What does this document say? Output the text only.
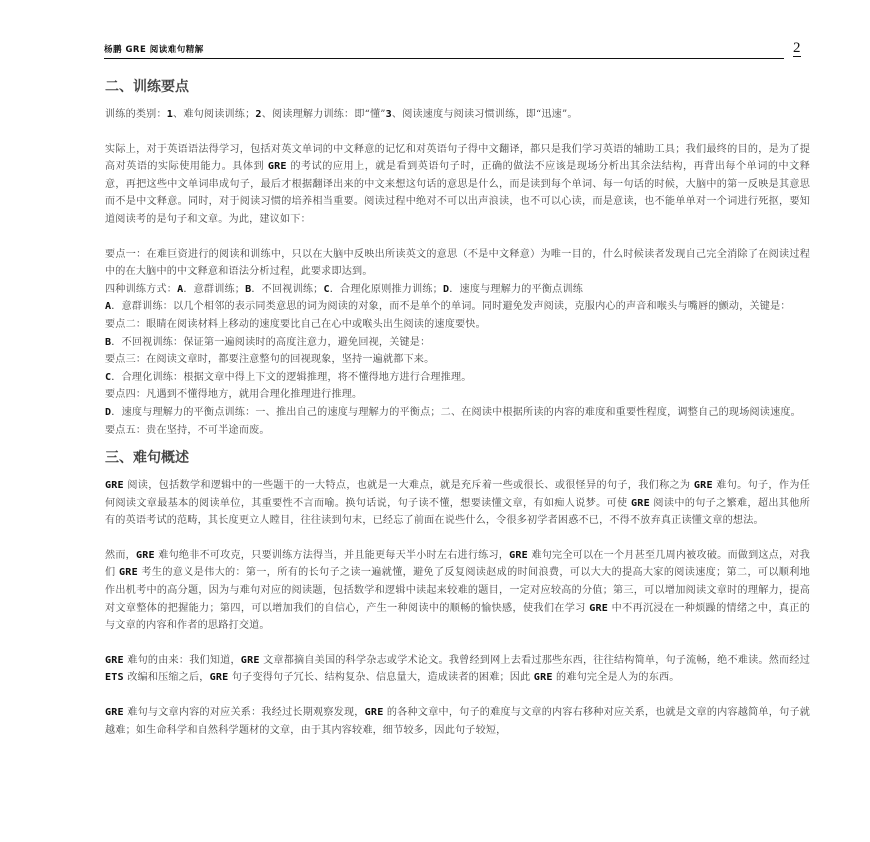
杨鹏 GRE 阅读难句精解	2
二、训练要点

训练的类别：1、难句阅读训练；2、阅读理解力训练：即“懂”3、阅读速度与阅读习惯训练，即“迅速”。

实际上，对于英语语法得学习，包括对英文单词的中文释意的记忆和对英语句子得中文翻译，都只是我们学习英语的辅助工具；我们最终的目的，是为了提高对英语的实际使用能力。具体到 GRE 的考试的应用上，就是看到英语句子时，正确的做法不应该是现场分析出其余法结构，再背出每个单词的中文释意，再把这些中文单词串成句子，最后才根据翻译出来的中文来想这句话的意思是什么，而是读到每个单词、每一句话的时候，大脑中的第一反映是其意思而不是中文释意。同时，对于阅读习惯的培养相当重要。阅读过程中绝对不可以出声浪读，也不可以心读，而是意读，也不能单单对一个词进行死抠，要知道阅读考的是句子和文章。为此，建议如下：

要点一：在难巨资进行的阅读和训练中，只以在大脑中反映出所读英文的意思（不是中文释意）为唯一目的，什么时候读者发现自己完全消除了在阅读过程中的在大脑中的中文释意和语法分析过程，此要求即达到。

四种训练方式：A．意群训练；B．不回视训练；C．合理化原则推力训练；D．速度与理解力的平衡点训练

A．意群训练：以几个相邻的表示同类意思的词为阅读的对象，而不是单个的单词。同时避免发声阅读，克服内心的声音和喉头与嘴唇的颤动，关键是：

要点二：眼睛在阅读材料上移动的速度要比自己在心中或喉头出生阅读的速度要快。

B．不回视训练：保证第一遍阅读时的高度注意力，避免回视，关键是：

要点三：在阅读文章时，都要注意整句的回视现象，坚持一遍就都下来。

C．合理化训练：根据文章中得上下文的逻辑推理，将不懂得地方进行合理推理。

要点四：凡遇到不懂得地方，就用合理化推理进行推理。

D．速度与理解力的平衡点训练：一、推出自己的速度与理解力的平衡点；二、在阅读中根据所读的内容的难度和重要性程度，调整自己的现场阅读速度。

要点五：贵在坚持，不可半途而废。

三、难句概述

GRE 阅读，包括数学和逻辑中的一些题干的一大特点，也就是一大难点，就是充斥着一些或很长、或很怪异的句子，我们称之为 GRE 难句。句子，作为任何阅读文章最基本的阅读单位，其重要性不言而喻。换句话说，句子读不懂，想要读懂文章，有如痴人说梦。可使 GRE 阅读中的句子之繁难，超出其他所有的英语考试的范畴，其长度更立人瞠目，往往读到句末，已经忘了前面在说些什么，令很多初学者困惑不已，不得不放弃真正读懂文章的想法。

然而，GRE 难句绝非不可攻克，只要训练方法得当，并且能更每天半小时左右进行练习，GRE 难句完全可以在一个月甚至几周内被攻破。而做到这点，对我们 GRE 考生的意义是伟大的：第一，所有的长句子之读一遍就懂，避免了反复阅读赵成的时间浪费，可以大大的提高大家的阅读速度；第二，可以顺利地作出机考中的高分题，因为与难句对应的阅读题，包括数学和逻辑中读起来较难的题目，一定对应较高的分值；第三，可以增加阅读文章时的理解力，提高对文章整体的把握能力；第四，可以增加我们的自信心，产生一种阅读中的顺畅的愉快感，使我们在学习 GRE 中不再沉浸在一种烦躁的情绪之中，真正的与文章的内容和作者的思路打交道。

GRE 难句的由来：我们知道，GRE 文章都摘自美国的科学杂志或学术论文。我曾经到网上去看过那些东西，往往结构简单，句子流畅，绝不难读。然而经过 ETS 改编和压缩之后，GRE 句子变得句子冗长、结构复杂、信息量大，造成读者的困难；因此 GRE 的难句完全是人为的东西。

GRE 难句与文章内容的对应关系：我经过长期观察发现，GRE 的各种文章中，句子的难度与文章的内容右移种对应关系，也就是文章的内容越简单，句子就越难；如生命科学和自然科学题材的文章，由于其内容较难，细节较多，因此句子较短，
